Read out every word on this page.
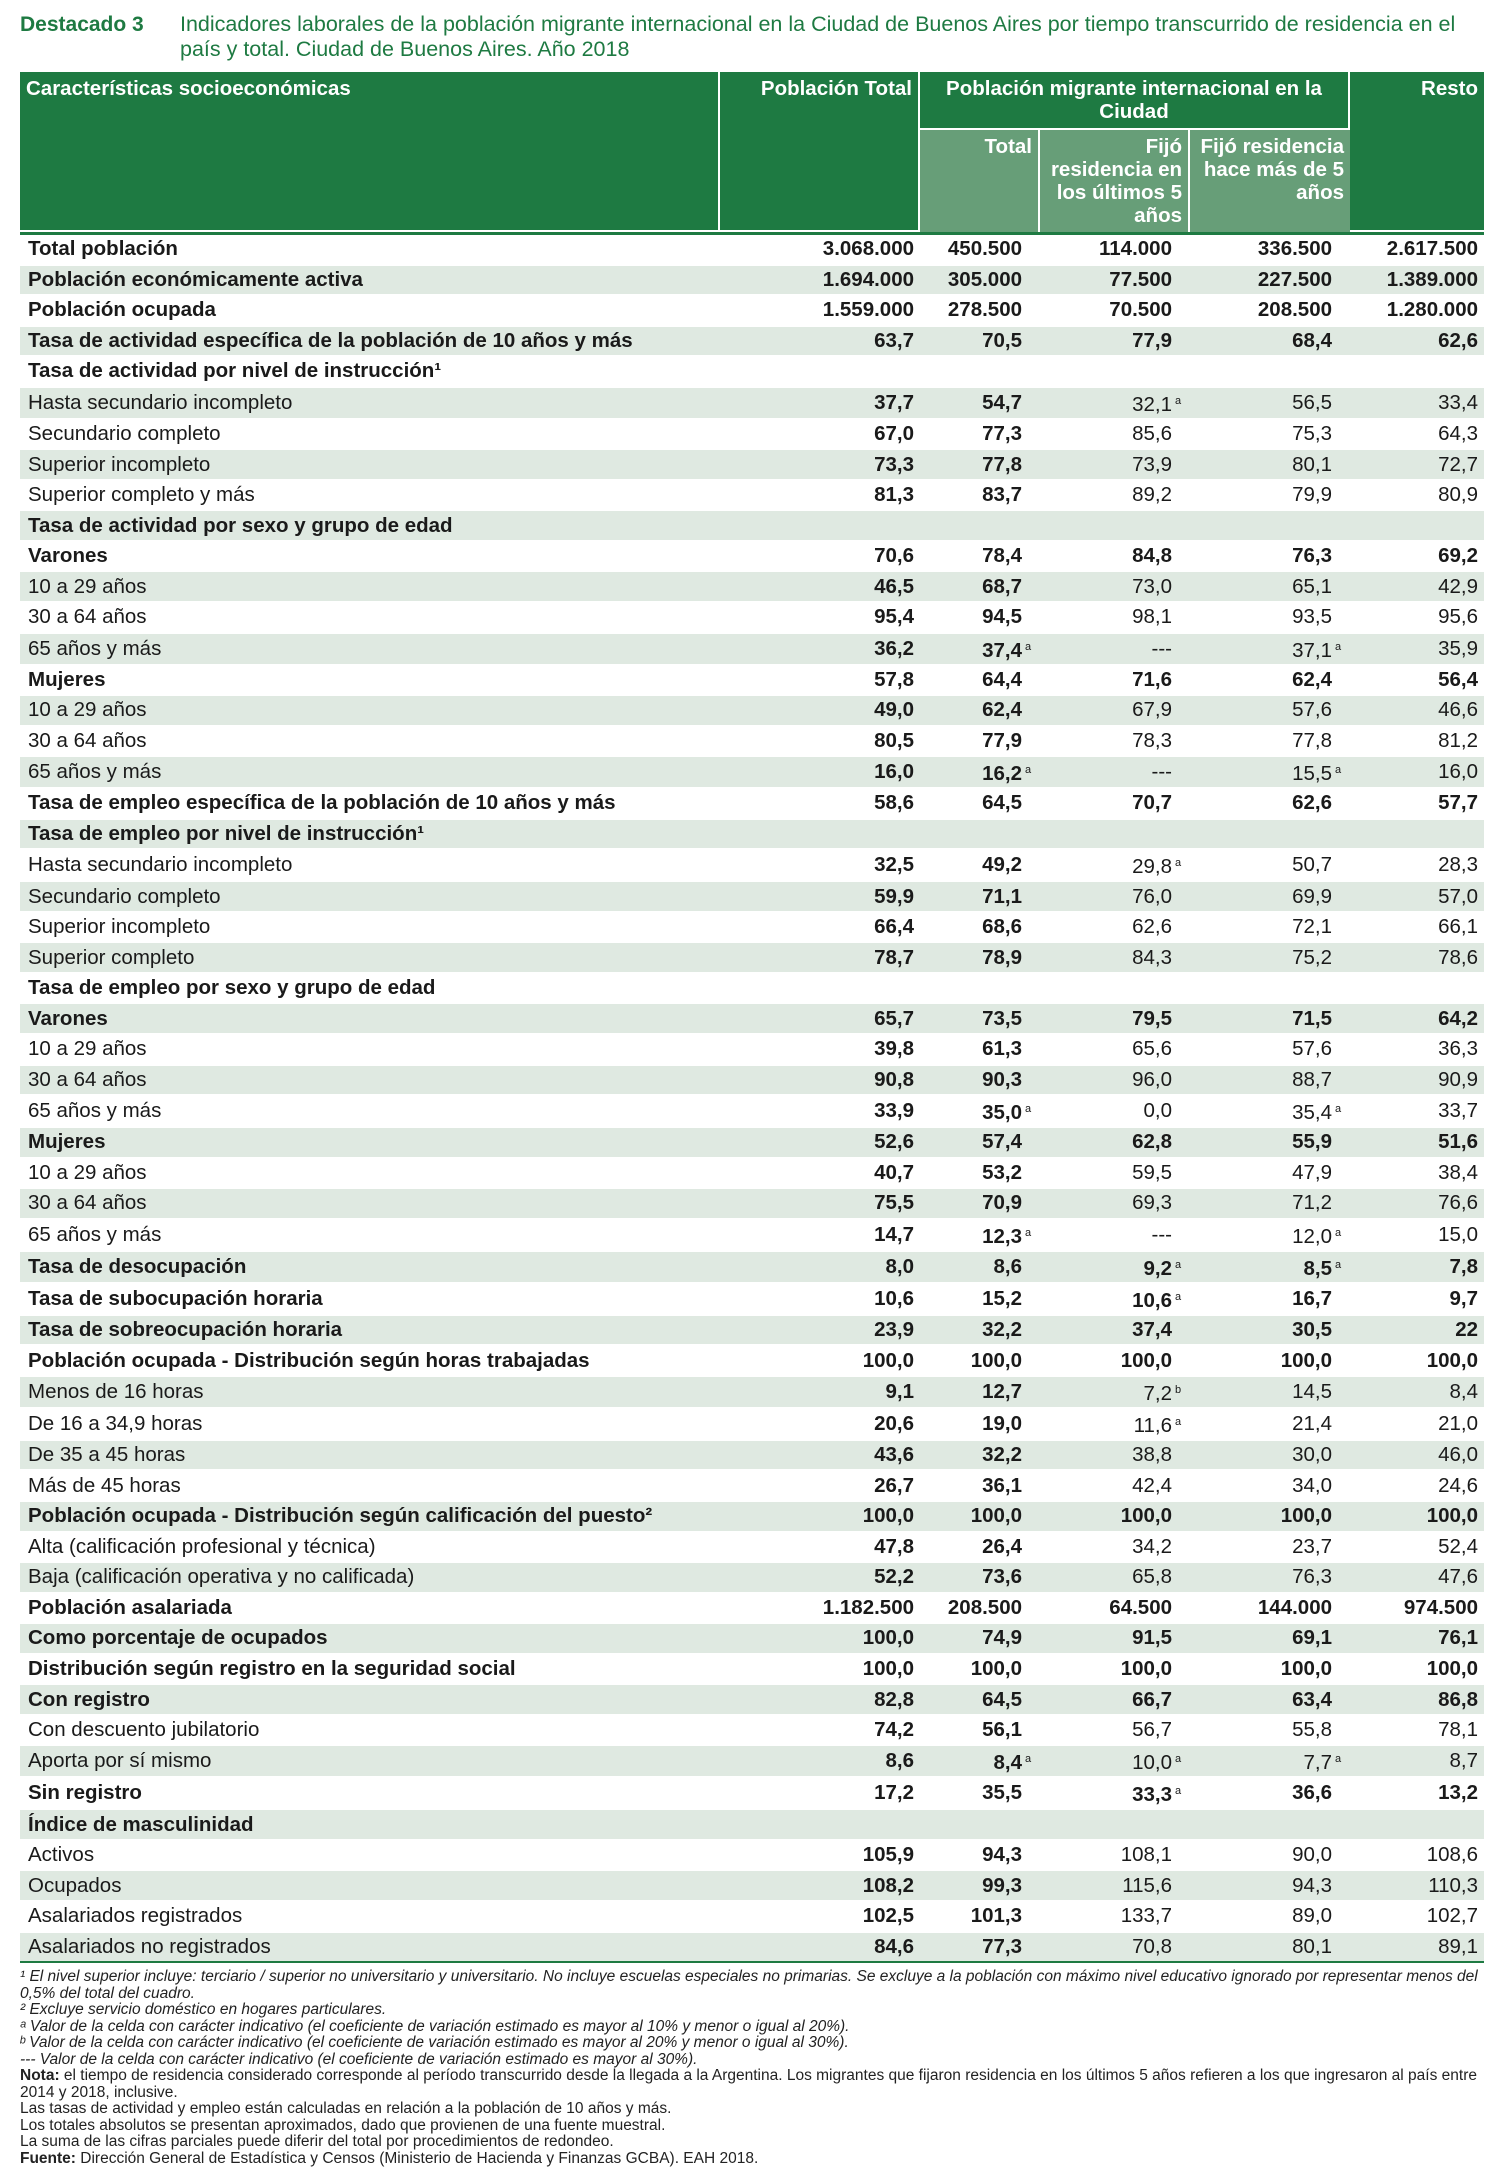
Destacado 3	Indicadores laborales de la población migrante internacional en la Ciudad de Buenos Aires por tiempo transcurrido de residencia en el país y total. Ciudad de Buenos Aires. Año 2018
Características socioeconómicas	Población Total	Población migrante internacional en la Ciudad			Resto
		Total	Fijó residencia en los últimos 5 años	Fijó residencia hace más de 5 años	
Total población	3.068.000	450.500	114.000	336.500	2.617.500
Población económicamente activa	1.694.000	305.000	77.500	227.500	1.389.000
Población ocupada	1.559.000	278.500	70.500	208.500	1.280.000
Tasa de actividad específica de la población de 10 años y más	63,7	70,5	77,9	68,4	62,6
Tasa de actividad por nivel de instrucción¹					
Hasta secundario incompleto	37,7	54,7	32,1 a	56,5	33,4
Secundario completo	67,0	77,3	85,6	75,3	64,3
Superior incompleto	73,3	77,8	73,9	80,1	72,7
Superior completo y más	81,3	83,7	89,2	79,9	80,9
Tasa de actividad por sexo y grupo de edad					
Varones	70,6	78,4	84,8	76,3	69,2
10 a 29 años	46,5	68,7	73,0	65,1	42,9
30 a 64 años	95,4	94,5	98,1	93,5	95,6
65 años y más	36,2	37,4 a	---	37,1 a	35,9
Mujeres	57,8	64,4	71,6	62,4	56,4
10 a 29 años	49,0	62,4	67,9	57,6	46,6
30 a 64 años	80,5	77,9	78,3	77,8	81,2
65 años y más	16,0	16,2 a	---	15,5 a	16,0
Tasa de empleo específica de la población de 10 años y más	58,6	64,5	70,7	62,6	57,7
Tasa de empleo por nivel de instrucción¹					
Hasta secundario incompleto	32,5	49,2	29,8 a	50,7	28,3
Secundario completo	59,9	71,1	76,0	69,9	57,0
Superior incompleto	66,4	68,6	62,6	72,1	66,1
Superior completo	78,7	78,9	84,3	75,2	78,6
Tasa de empleo por sexo y grupo de edad					
Varones	65,7	73,5	79,5	71,5	64,2
10 a 29 años	39,8	61,3	65,6	57,6	36,3
30 a 64 años	90,8	90,3	96,0	88,7	90,9
65 años y más	33,9	35,0 a	0,0	35,4 a	33,7
Mujeres	52,6	57,4	62,8	55,9	51,6
10 a 29 años	40,7	53,2	59,5	47,9	38,4
30 a 64 años	75,5	70,9	69,3	71,2	76,6
65 años y más	14,7	12,3 a	---	12,0 a	15,0
Tasa de desocupación	8,0	8,6	9,2 a	8,5 a	7,8
Tasa de subocupación horaria	10,6	15,2	10,6 a	16,7	9,7
Tasa de sobreocupación horaria	23,9	32,2	37,4	30,5	22
Población ocupada - Distribución según horas trabajadas	100,0	100,0	100,0	100,0	100,0
Menos de 16 horas	9,1	12,7	7,2 b	14,5	8,4
De 16 a 34,9 horas	20,6	19,0	11,6 a	21,4	21,0
De 35 a 45 horas	43,6	32,2	38,8	30,0	46,0
Más de 45 horas	26,7	36,1	42,4	34,0	24,6
Población ocupada - Distribución según calificación del puesto²	100,0	100,0	100,0	100,0	100,0
Alta (calificación profesional y técnica)	47,8	26,4	34,2	23,7	52,4
Baja (calificación operativa y no calificada)	52,2	73,6	65,8	76,3	47,6
Población asalariada	1.182.500	208.500	64.500	144.000	974.500
Como porcentaje de ocupados	100,0	74,9	91,5	69,1	76,1
Distribución según registro en la seguridad social	100,0	100,0	100,0	100,0	100,0
Con registro	82,8	64,5	66,7	63,4	86,8
Con descuento jubilatorio	74,2	56,1	56,7	55,8	78,1
Aporta por sí mismo	8,6	8,4 a	10,0 a	7,7 a	8,7
Sin registro	17,2	35,5	33,3 a	36,6	13,2
Índice de masculinidad					
Activos	105,9	94,3	108,1	90,0	108,6
Ocupados	108,2	99,3	115,6	94,3	110,3
Asalariados registrados	102,5	101,3	133,7	89,0	102,7
Asalariados no registrados	84,6	77,3	70,8	80,1	89,1

¹ El nivel superior incluye: terciario / superior no universitario y universitario. No incluye escuelas especiales no primarias. Se excluye a la población con máximo nivel educativo ignorado por representar menos del 0,5% del total del cuadro.

² Excluye servicio doméstico en hogares particulares.

ᵃ Valor de la celda con carácter indicativo (el coeficiente de variación estimado es mayor al 10% y menor o igual al 20%).

ᵇ Valor de la celda con carácter indicativo (el coeficiente de variación estimado es mayor al 20% y menor o igual al 30%).

--- Valor de la celda con carácter indicativo (el coeficiente de variación estimado es mayor al 30%).

Nota: el tiempo de residencia considerado corresponde al período transcurrido desde la llegada a la Argentina. Los migrantes que fijaron residencia en los últimos 5 años refieren a los que ingresaron al país entre 2014 y 2018, inclusive.

Las tasas de actividad y empleo están calculadas en relación a la población de 10 años y más.

Los totales absolutos se presentan aproximados, dado que provienen de una fuente muestral.

La suma de las cifras parciales puede diferir del total por procedimientos de redondeo.

Fuente: Dirección General de Estadística y Censos (Ministerio de Hacienda y Finanzas GCBA). EAH 2018.
